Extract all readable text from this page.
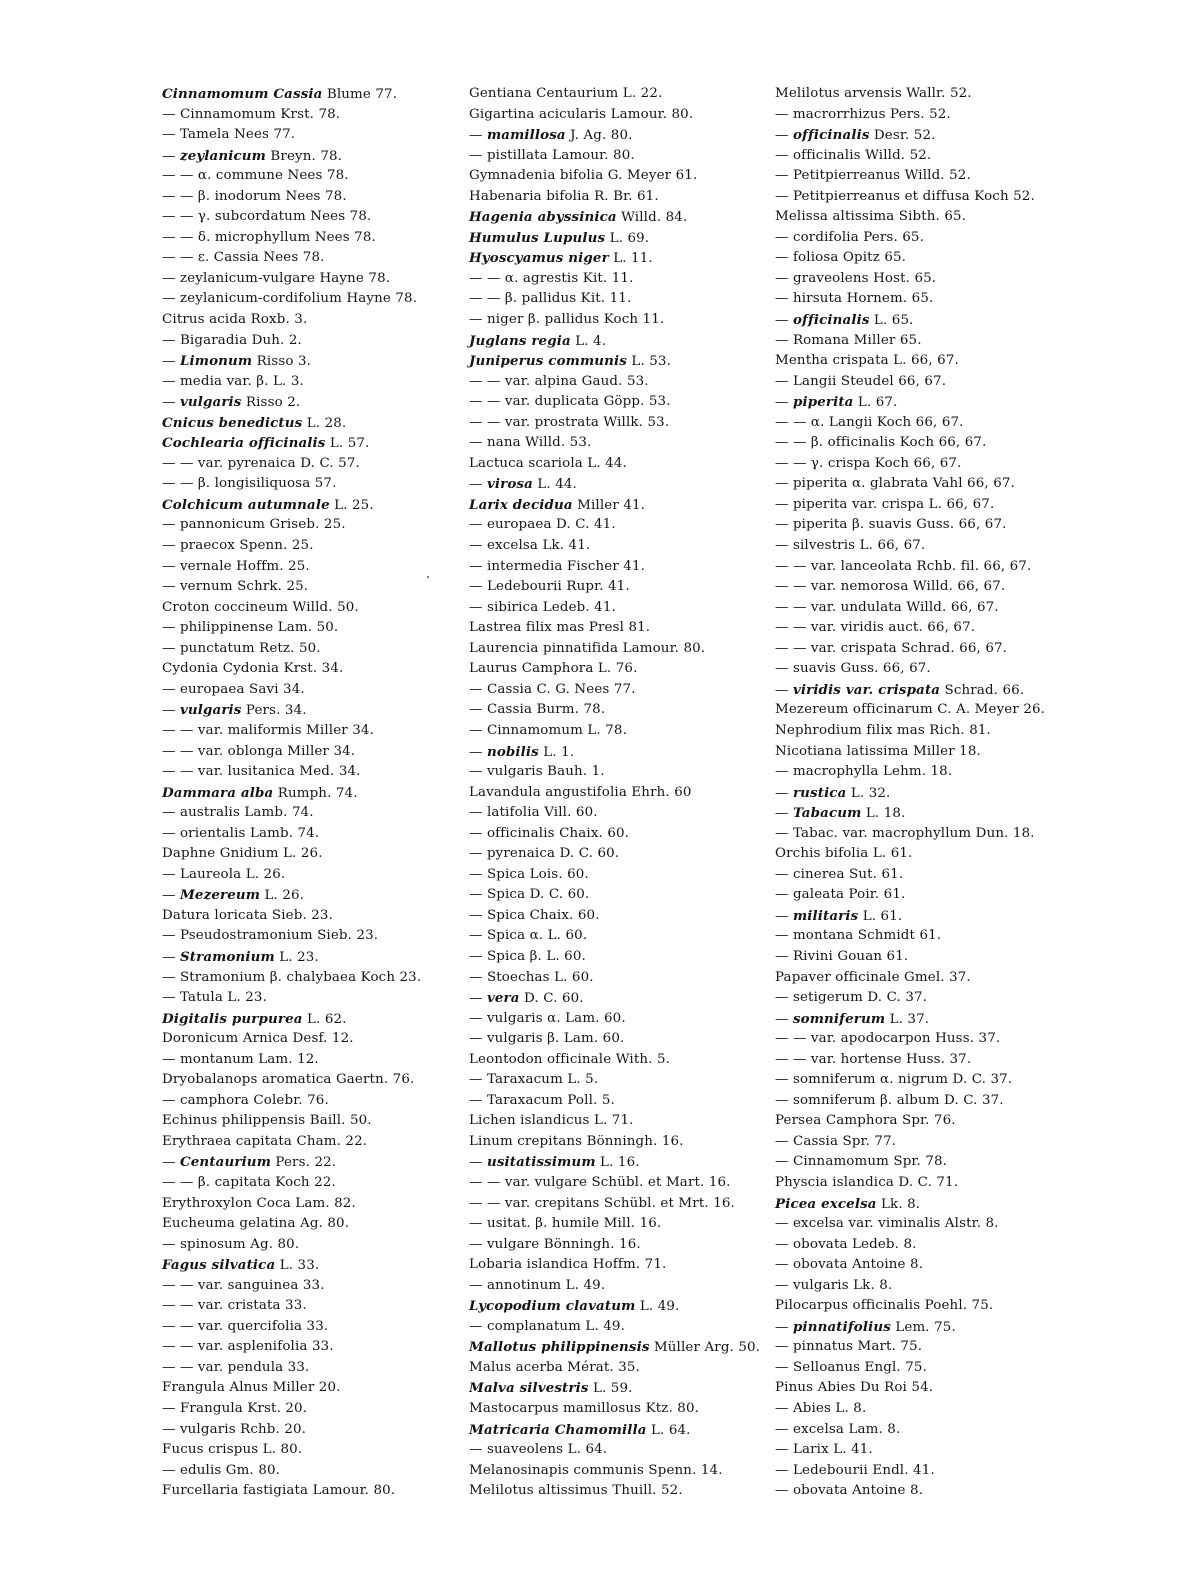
Cinnamomum Cassia Blume 77.
— Cinnamomum Krst. 78.
— Tamela Nees 77.
— zeylanicum Breyn. 78.
— — α. commune Nees 78.
— — β. inodorum Nees 78.
— — γ. subcordatum Nees 78.
— — δ. microphyllum Nees 78.
— — ε. Cassia Nees 78.
— zeylanicum-vulgare Hayne 78.
— zeylanicum-cordifolium Hayne 78.
Citrus acida Roxb. 3.
— Bigaradia Duh. 2.
— Limonum Risso 3.
— media var. β. L. 3.
— vulgaris Risso 2.
Cnicus benedictus L. 28.
Cochlearia officinalis L. 57.
— — var. pyrenaica D. C. 57.
— — β. longisiliquosa 57.
Colchicum autumnale L. 25.
— pannonicum Griseb. 25.
— praecox Spenn. 25.
— vernale Hoffm. 25.
— vernum Schrk. 25.
Croton coccineum Willd. 50.
— philippinense Lam. 50.
— punctatum Retz. 50.
Cydonia Cydonia Krst. 34.
— europaea Savi 34.
— vulgaris Pers. 34.
— — var. maliformis Miller 34.
— — var. oblonga Miller 34.
— — var. lusitanica Med. 34.
Dammara alba Rumph. 74.
— australis Lamb. 74.
— orientalis Lamb. 74.
Daphne Gnidium L. 26.
— Laureola L. 26.
— Mezereum L. 26.
Datura loricata Sieb. 23.
— Pseudostramonium Sieb. 23.
— Stramonium L. 23.
— Stramonium β. chalybaea Koch 23.
— Tatula L. 23.
Digitalis purpurea L. 62.
Doronicum Arnica Desf. 12.
— montanum Lam. 12.
Dryobalanops aromatica Gaertn. 76.
— camphora Colebr. 76.
Echinus philippensis Baill. 50.
Erythraea capitata Cham. 22.
— Centaurium Pers. 22.
— — β. capitata Koch 22.
Erythroxylon Coca Lam. 82.
Eucheuma gelatina Ag. 80.
— spinosum Ag. 80.
Fagus silvatica L. 33.
— — var. sanguinea 33.
— — var. cristata 33.
— — var. quercifolia 33.
— — var. asplenifolia 33.
— — var. pendula 33.
Frangula Alnus Miller 20.
— Frangula Krst. 20.
— vulgaris Rchb. 20.
Fucus crispus L. 80.
— edulis Gm. 80.
Furcellaria fastigiata Lamour. 80.
Gentiana Centaurium L. 22.
Gigartina acicularis Lamour. 80.
— mamillosa J. Ag. 80.
— pistillata Lamour. 80.
Gymnadenia bifolia G. Meyer 61.
Habenaria bifolia R. Br. 61.
Hagenia abyssinica Willd. 84.
Humulus Lupulus L. 69.
Hyoscyamus niger L. 11.
— — α. agrestis Kit. 11.
— — β. pallidus Kit. 11.
— niger β. pallidus Koch 11.
Juglans regia L. 4.
Juniperus communis L. 53.
— — var. alpina Gaud. 53.
— — var. duplicata Göpp. 53.
— — var. prostrata Willk. 53.
— nana Willd. 53.
Lactuca scariola L. 44.
— virosa L. 44.
Larix decidua Miller 41.
— europaea D. C. 41.
— excelsa Lk. 41.
— intermedia Fischer 41.
— Ledebourii Rupr. 41.
— sibirica Ledeb. 41.
Lastrea filix mas Presl 81.
Laurencia pinnatifida Lamour. 80.
Laurus Camphora L. 76.
— Cassia C. G. Nees 77.
— Cassia Burm. 78.
— Cinnamomum L. 78.
— nobilis L. 1.
— vulgaris Bauh. 1.
Lavandula angustifolia Ehrh. 60
— latifolia Vill. 60.
— officinalis Chaix. 60.
— pyrenaica D. C. 60.
— Spica Lois. 60.
— Spica D. C. 60.
— Spica Chaix. 60.
— Spica α. L. 60.
— Spica β. L. 60.
— Stoechas L. 60.
— vera D. C. 60.
— vulgaris α. Lam. 60.
— vulgaris β. Lam. 60.
Leontodon officinale With. 5.
— Taraxacum L. 5.
— Taraxacum Poll. 5.
Lichen islandicus L. 71.
Linum crepitans Bönningh. 16.
— usitatissimum L. 16.
— — var. vulgare Schübl. et Mart. 16.
— — var. crepitans Schübl. et Mrt. 16.
— usitat. β. humile Mill. 16.
— vulgare Bönningh. 16.
Lobaria islandica Hoffm. 71.
— annotinum L. 49.
Lycopodium clavatum L. 49.
— complanatum L. 49.
Mallotus philippinensis Müller Arg. 50.
Malus acerba Mérat. 35.
Malva silvestris L. 59.
Mastocarpus mamillosus Ktz. 80.
Matricaria Chamomilla L. 64.
— suaveolens L. 64.
Melanosinapis communis Spenn. 14.
Melilotus altissimus Thuill. 52.
Melilotus arvensis Wallr. 52.
— macrorrhizus Pers. 52.
— officinalis Desr. 52.
— officinalis Willd. 52.
— Petitpierreanus Willd. 52.
— Petitpierreanus et diffusa Koch 52.
Melissa altissima Sibth. 65.
— cordifolia Pers. 65.
— foliosa Opitz 65.
— graveolens Host. 65.
— hirsuta Hornem. 65.
— officinalis L. 65.
— Romana Miller 65.
Mentha crispata L. 66, 67.
— Langii Steudel 66, 67.
— piperita L. 67.
— — α. Langii Koch 66, 67.
— — β. officinalis Koch 66, 67.
— — γ. crispa Koch 66, 67.
— piperita α. glabrata Vahl 66, 67.
— piperita var. crispa L. 66, 67.
— piperita β. suavis Guss. 66, 67.
— silvestris L. 66, 67.
— — var. lanceolata Rchb. fil. 66, 67.
— — var. nemorosa Willd. 66, 67.
— — var. undulata Willd. 66, 67.
— — var. viridis auct. 66, 67.
— — var. crispata Schrad. 66, 67.
— suavis Guss. 66, 67.
— viridis var. crispata Schrad. 66.
Mezereum officinarum C. A. Meyer 26.
Nephrodium filix mas Rich. 81.
Nicotiana latissima Miller 18.
— macrophylla Lehm. 18.
— rustica L. 32.
— Tabacum L. 18.
— Tabac. var. macrophyllum Dun. 18.
Orchis bifolia L. 61.
— cinerea Sut. 61.
— galeata Poir. 61.
— militaris L. 61.
— montana Schmidt 61.
— Rivini Gouan 61.
Papaver officinale Gmel. 37.
— setigerum D. C. 37.
— somniferum L. 37.
— — var. apodocarpon Huss. 37.
— — var. hortense Huss. 37.
— somniferum α. nigrum D. C. 37.
— somniferum β. album D. C. 37.
Persea Camphora Spr. 76.
— Cassia Spr. 77.
— Cinnamomum Spr. 78.
Physcia islandica D. C. 71.
Picea excelsa Lk. 8.
— excelsa var. viminalis Alstr. 8.
— obovata Ledeb. 8.
— obovata Antoine 8.
— vulgaris Lk. 8.
Pilocarpus officinalis Poehl. 75.
— pinnatifolius Lem. 75.
— pinnatus Mart. 75.
— Selloanus Engl. 75.
Pinus Abies Du Roi 54.
— Abies L. 8.
— excelsa Lam. 8.
— Larix L. 41.
— Ledebourii Endl. 41.
— obovata Antoine 8.
